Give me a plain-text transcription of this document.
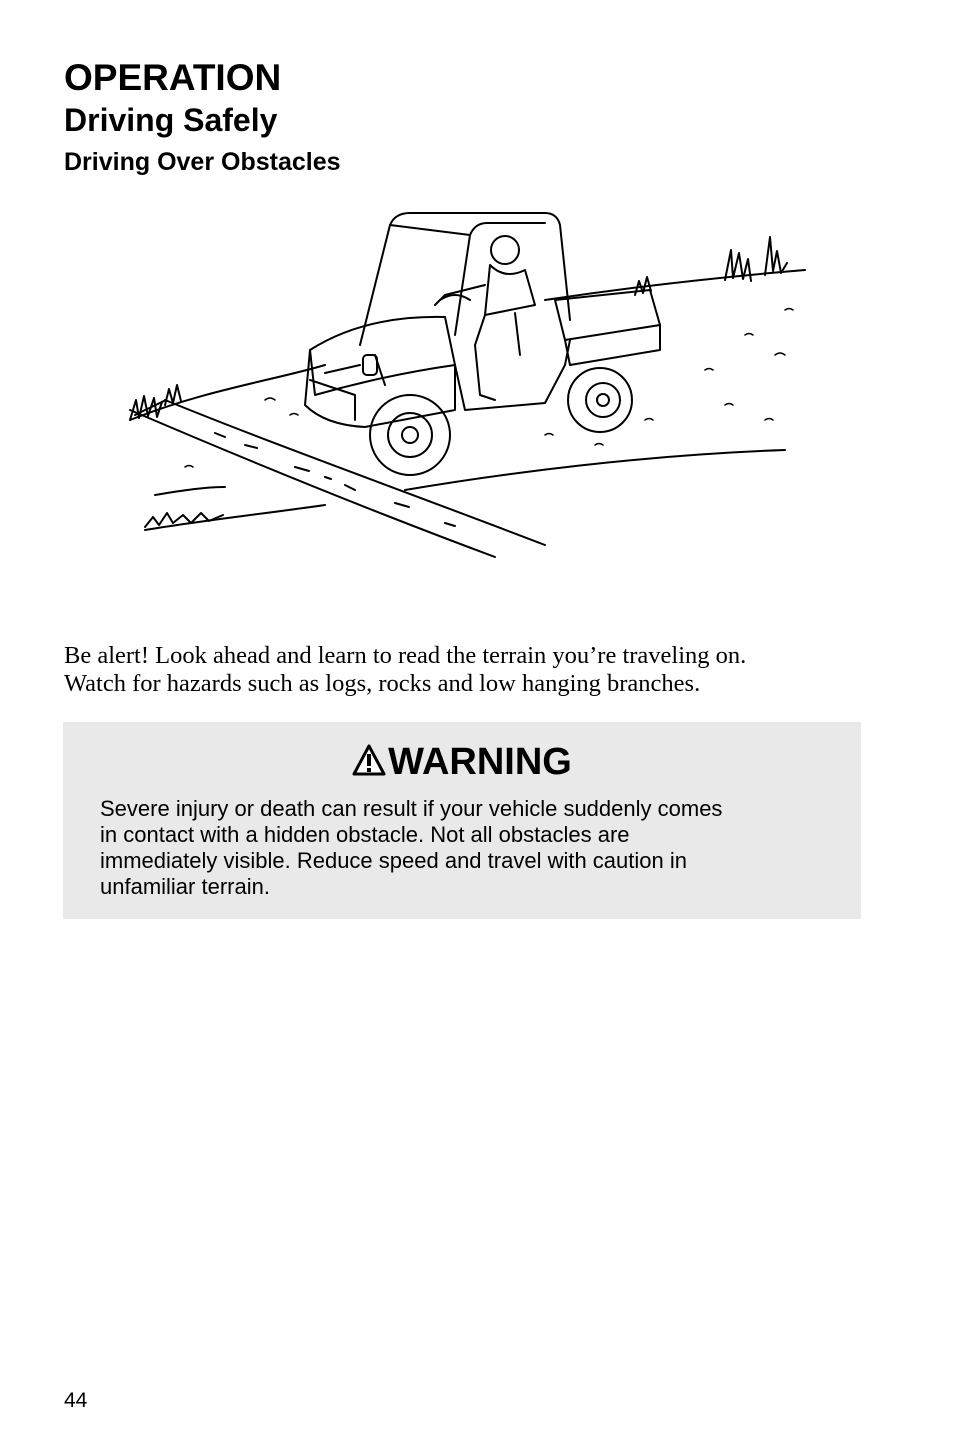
OPERATION
Driving Safely
Driving Over Obstacles

Be alert! Look ahead and learn to read the terrain you’re traveling on.

Watch for hazards such as logs, rocks and low hanging branches.

WARNING

Severe injury or death can result if your vehicle suddenly comes

in contact with a hidden obstacle. Not all obstacles are

immediately visible. Reduce speed and travel with caution in

unfamiliar terrain.

44
